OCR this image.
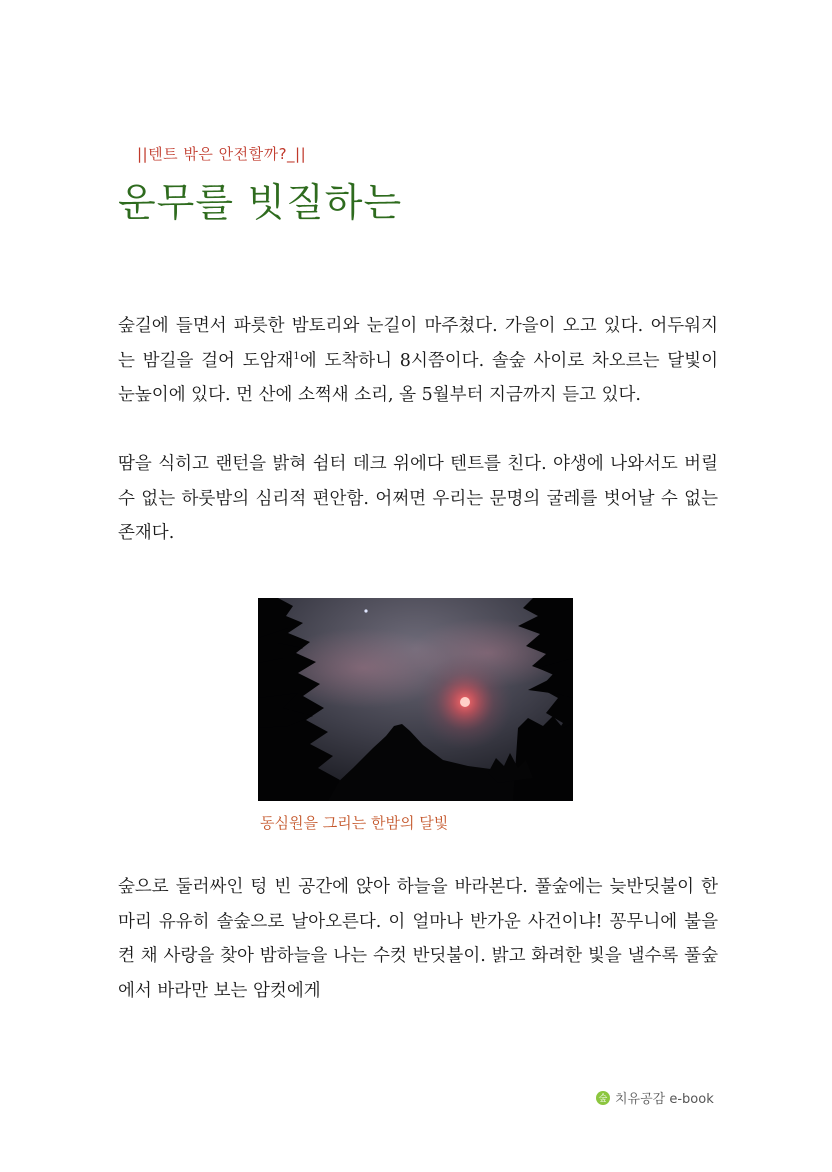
||텐트 밖은 안전할까?_||
운무를 빗질하는

숲길에 들면서 파릇한 밤토리와 눈길이 마주쳤다. 가을이 오고 있다. 어두워지는 밤길을 걸어 도암재$^1$에 도착하니 8시쯤이다. 솔숲 사이로 차오르는 달빛이 눈높이에 있다. 먼 산에 소쩍새 소리, 올 5월부터 지금까지 듣고 있다.

땀을 식히고 랜턴을 밝혀 쉼터 데크 위에다 텐트를 친다. 야생에 나와서도 버릴 수 없는 하룻밤의 심리적 편안함. 어쩌면 우리는 문명의 굴레를 벗어날 수 없는 존재다.

동심원을 그리는 한밤의 달빛

숲으로 둘러싸인 텅 빈 공간에 앉아 하늘을 바라본다. 풀숲에는 늦반딧불이 한 마리 유유히 솔숲으로 날아오른다. 이 얼마나 반가운 사건이냐! 꽁무니에 불을 켠 채 사랑을 찾아 밤하늘을 나는 수컷 반딧불이. 밝고 화려한 빛을 낼수록 풀숲에서 바라만 보는 암컷에게

숲 치유공감 e-book
